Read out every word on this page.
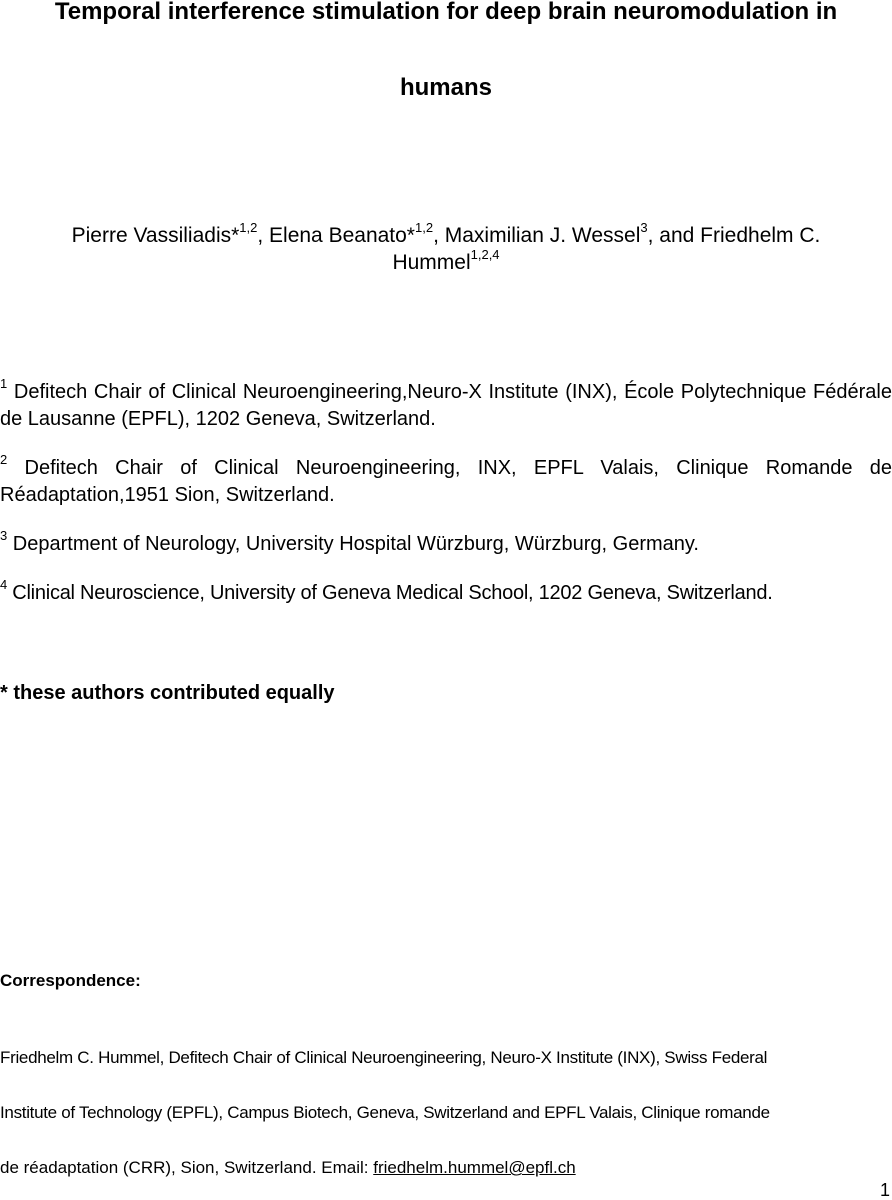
Temporal interference stimulation for deep brain neuromodulation in
humans
Pierre Vassiliadis*$^{1,2}$, Elena Beanato*$^{1,2}$, Maximilian J. Wessel$^3$, and Friedhelm C.
Hummel$^{1,2,4}$
$^1$ Defitech Chair of Clinical Neuroengineering,Neuro-X Institute (INX), École Polytechnique Fédérale de Lausanne (EPFL), 1202 Geneva, Switzerland.
$^2$ Defitech Chair of Clinical Neuroengineering, INX, EPFL Valais, Clinique Romande de Réadaptation,1951 Sion, Switzerland.
$^3$ Department of Neurology, University Hospital Würzburg, Würzburg, Germany.
$^4$ Clinical Neuroscience, University of Geneva Medical School, 1202 Geneva, Switzerland.
* these authors contributed equally
Correspondence:
Friedhelm C. Hummel, Defitech Chair of Clinical Neuroengineering, Neuro-X Institute (INX), Swiss Federal
Institute of Technology (EPFL), Campus Biotech, Geneva, Switzerland and EPFL Valais, Clinique romande
de réadaptation (CRR), Sion, Switzerland. Email: friedhelm.hummel@epfl.ch
1
